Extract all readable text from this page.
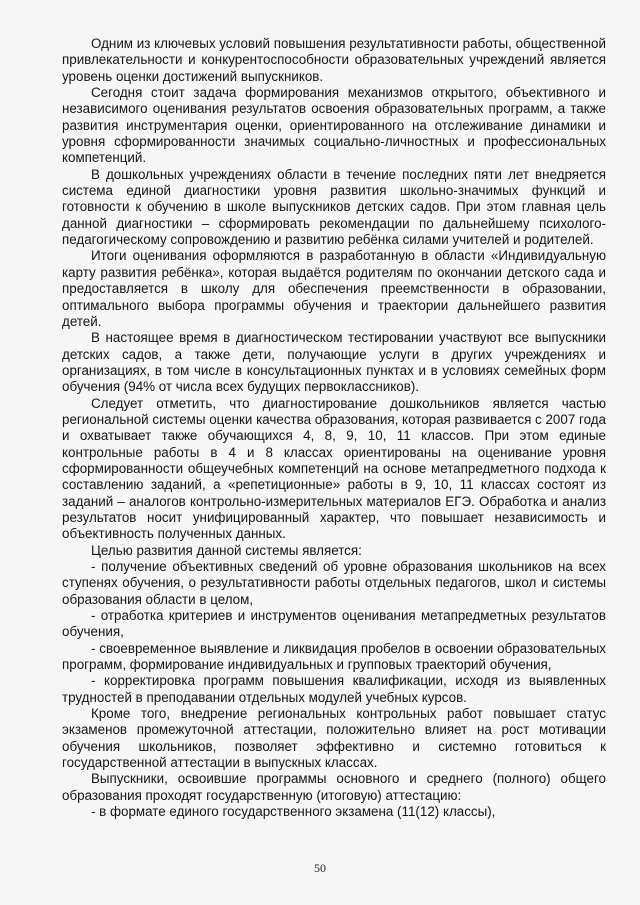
Одним из ключевых условий повышения результативности работы, общественной привлекательности и конкурентоспособности образовательных учреждений является уровень оценки достижений выпускников.

Сегодня стоит задача формирования механизмов открытого, объективного и независимого оценивания результатов освоения образовательных программ, а также развития инструментария оценки, ориентированного на отслеживание динамики и уровня сформированности значимых социально-личностных и профессиональных компетенций.

В дошкольных учреждениях области в течение последних пяти лет внедряется система единой диагностики уровня развития школьно-значимых функций и готовности к обучению в школе выпускников детских садов. При этом главная цель данной диагностики – сформировать рекомендации по дальнейшему психолого-педагогическому сопровождению и развитию ребёнка силами учителей и родителей.

Итоги оценивания оформляются в разработанную в области «Индивидуальную карту развития ребёнка», которая выдаётся родителям по окончании детского сада и предоставляется в школу для обеспечения преемственности в образовании, оптимального выбора программы обучения и траектории дальнейшего развития детей.

В настоящее время в диагностическом тестировании участвуют все выпускники детских садов, а также дети, получающие услуги в других учреждениях и организациях, в том числе в консультационных пунктах и в условиях семейных форм обучения (94% от числа всех будущих первоклассников).

Следует отметить, что диагностирование дошкольников является частью региональной системы оценки качества образования, которая развивается с 2007 года и охватывает также обучающихся 4, 8, 9, 10, 11 классов. При этом единые контрольные работы в 4 и 8 классах ориентированы на оценивание уровня сформированности общеучебных компетенций на основе метапредметного подхода к составлению заданий, а «репетиционные» работы в 9, 10, 11 классах состоят из заданий – аналогов контрольно-измерительных материалов ЕГЭ. Обработка и анализ результатов носит унифицированный характер, что повышает независимость и объективность полученных данных.

Целью развития данной системы является:

- получение объективных сведений об уровне образования школьников на всех ступенях обучения, о результативности работы отдельных педагогов, школ и системы образования области в целом,

- отработка критериев и инструментов оценивания метапредметных результатов обучения,

- своевременное выявление и ликвидация пробелов в освоении образовательных программ, формирование индивидуальных и групповых траекторий обучения,

- корректировка программ повышения квалификации, исходя из выявленных трудностей в преподавании отдельных модулей учебных курсов.

Кроме того, внедрение региональных контрольных работ повышает статус экзаменов промежуточной аттестации, положительно влияет на рост мотивации обучения школьников, позволяет эффективно и системно готовиться к государственной аттестации в выпускных классах.

Выпускники, освоившие программы основного и среднего (полного) общего образования проходят государственную (итоговую) аттестацию:

- в формате единого государственного экзамена (11(12) классы),

50
